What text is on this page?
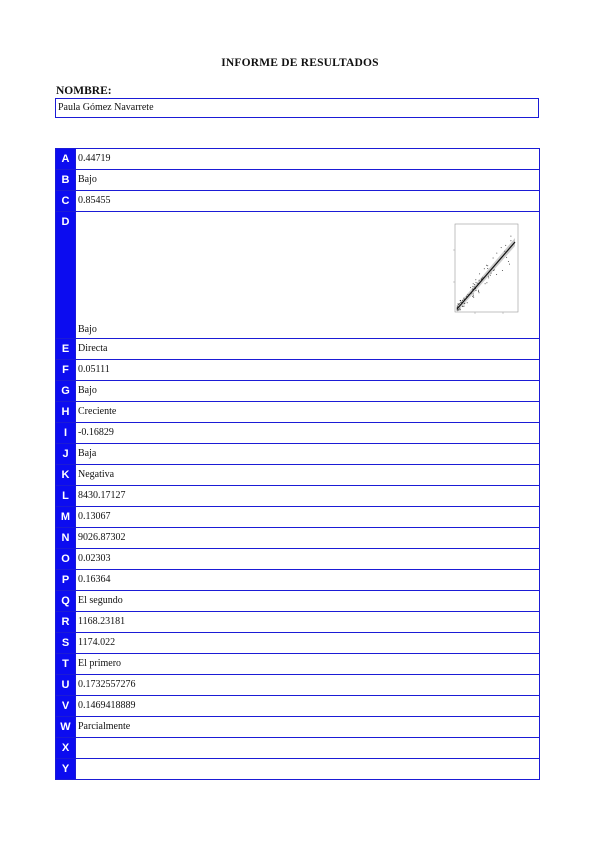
INFORME DE RESULTADOS
NOMBRE:
Paula Gómez Navarrete
A 0.44719
B Bajo
C 0.85455
D
Bajo
E Directa
F 0.05111
G Bajo
H Creciente
I	-0.16829
J Baja
K Negativa
L 8430.17127
M 0.13067
N 9026.87302
O 0.02303
P 0.16364
Q El segundo
R 1168.23181
S 1174.022
T El primero
U 0.1732557276
V 0.1469418889
W Parcialmente
X
Y
